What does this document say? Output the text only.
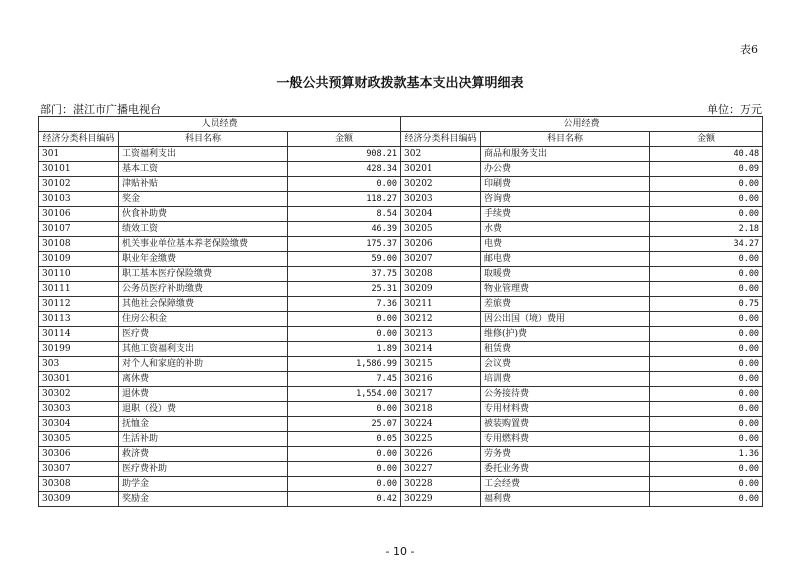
表6
一般公共预算财政拨款基本支出决算明细表
部门：湛江市广播电视台	单位：万元
人员经费			公用经费		
经济分类科目编码	科目名称	金额	经济分类科目编码	科目名称	金额
301	工资福利支出	908.21	302	商品和服务支出	40.48
30101	基本工资	428.34	30201	办公费	0.09
30102	津贴补贴	0.00	30202	印刷费	0.00
30103	奖金	118.27	30203	咨询费	0.00
30106	伙食补助费	8.54	30204	手续费	0.00
30107	绩效工资	46.39	30205	水费	2.18
30108	机关事业单位基本养老保险缴费	175.37	30206	电费	34.27
30109	职业年金缴费	59.00	30207	邮电费	0.00
30110	职工基本医疗保险缴费	37.75	30208	取暖费	0.00
30111	公务员医疗补助缴费	25.31	30209	物业管理费	0.00
30112	其他社会保障缴费	7.36	30211	差旅费	0.75
30113	住房公积金	0.00	30212	因公出国（境）费用	0.00
30114	医疗费	0.00	30213	维修(护)费	0.00
30199	其他工资福利支出	1.89	30214	租赁费	0.00
303	对个人和家庭的补助	1,586.99	30215	会议费	0.00
30301	离休费	7.45	30216	培训费	0.00
30302	退休费	1,554.00	30217	公务接待费	0.00
30303	退职（役）费	0.00	30218	专用材料费	0.00
30304	抚恤金	25.07	30224	被装购置费	0.00
30305	生活补助	0.05	30225	专用燃料费	0.00
30306	救济费	0.00	30226	劳务费	1.36
30307	医疗费补助	0.00	30227	委托业务费	0.00
30308	助学金	0.00	30228	工会经费	0.00
30309	奖励金	0.42	30229	福利费	0.00
- 10 -
